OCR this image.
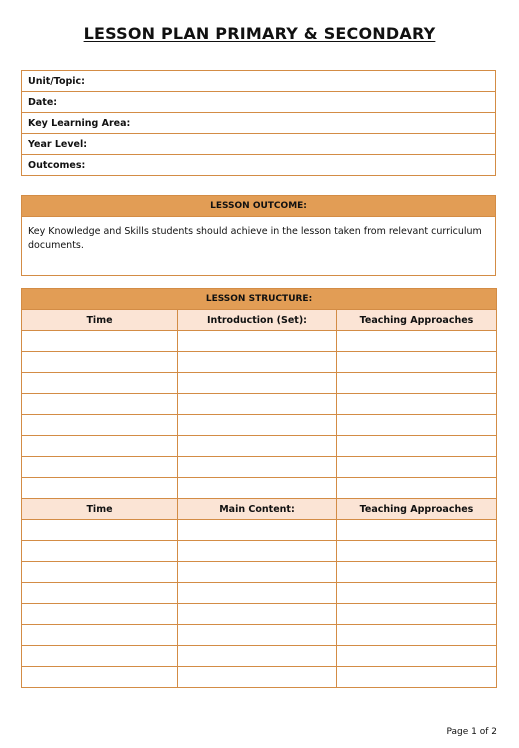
LESSON PLAN PRIMARY & SECONDARY
Unit/Topic:
Date:
Key Learning Area:
Year Level:
Outcomes:
LESSON OUTCOME:
Key Knowledge and Skills students should achieve in the lesson taken from relevant curriculum documents.
LESSON STRUCTURE:		
Time	Introduction (Set):	Teaching Approaches

Time	Main Content:	Teaching Approaches

Page 1 of 2
